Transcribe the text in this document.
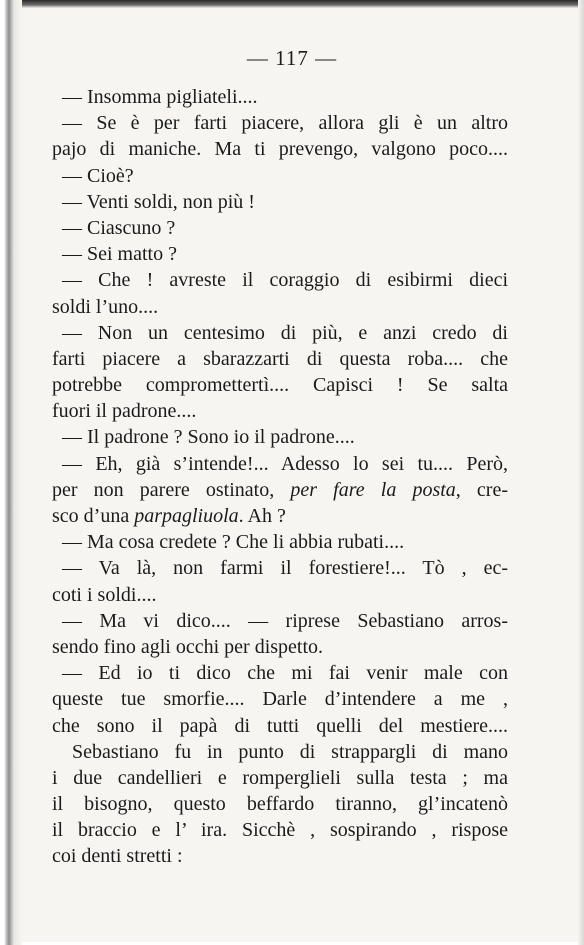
— 117 —
— Insomma pigliateli....
— Se è per farti piacere, allora gli è un altro
pajo di maniche. Ma ti prevengo, valgono poco....
— Cioè?
— Venti soldi, non più !
— Ciascuno ?
— Sei matto ?
— Che ! avreste il coraggio di esibirmi dieci
soldi l’uno....
— Non un centesimo di più, e anzi credo di
farti piacere a sbarazzarti di questa roba.... che
potrebbe compromettertì.... Capisci ! Se salta
fuori il padrone....
— Il padrone ? Sono io il padrone....
— Eh, già s’intende!... Adesso lo sei tu.... Però,
per non parere ostinato, per fare la posta, cre-
sco d’una parpagliuola. Ah ?
— Ma cosa credete ? Che li abbia rubati....
— Va là, non farmi il forestiere!... Tò , ec-
coti i soldi....
— Ma vi dico.... — riprese Sebastiano arros-
sendo fino agli occhi per dispetto.
— Ed io ti dico che mi fai venir male con
queste tue smorfie.... Darle d’intendere a me ,
che sono il papà di tutti quelli del mestiere....
Sebastiano fu in punto di strappargli di mano
i due candellieri e romperglieli sulla testa ; ma
il bisogno, questo beffardo tiranno, gl’incatenò
il braccio e l’ ira. Sicchè , sospirando , rispose
coi denti stretti :
